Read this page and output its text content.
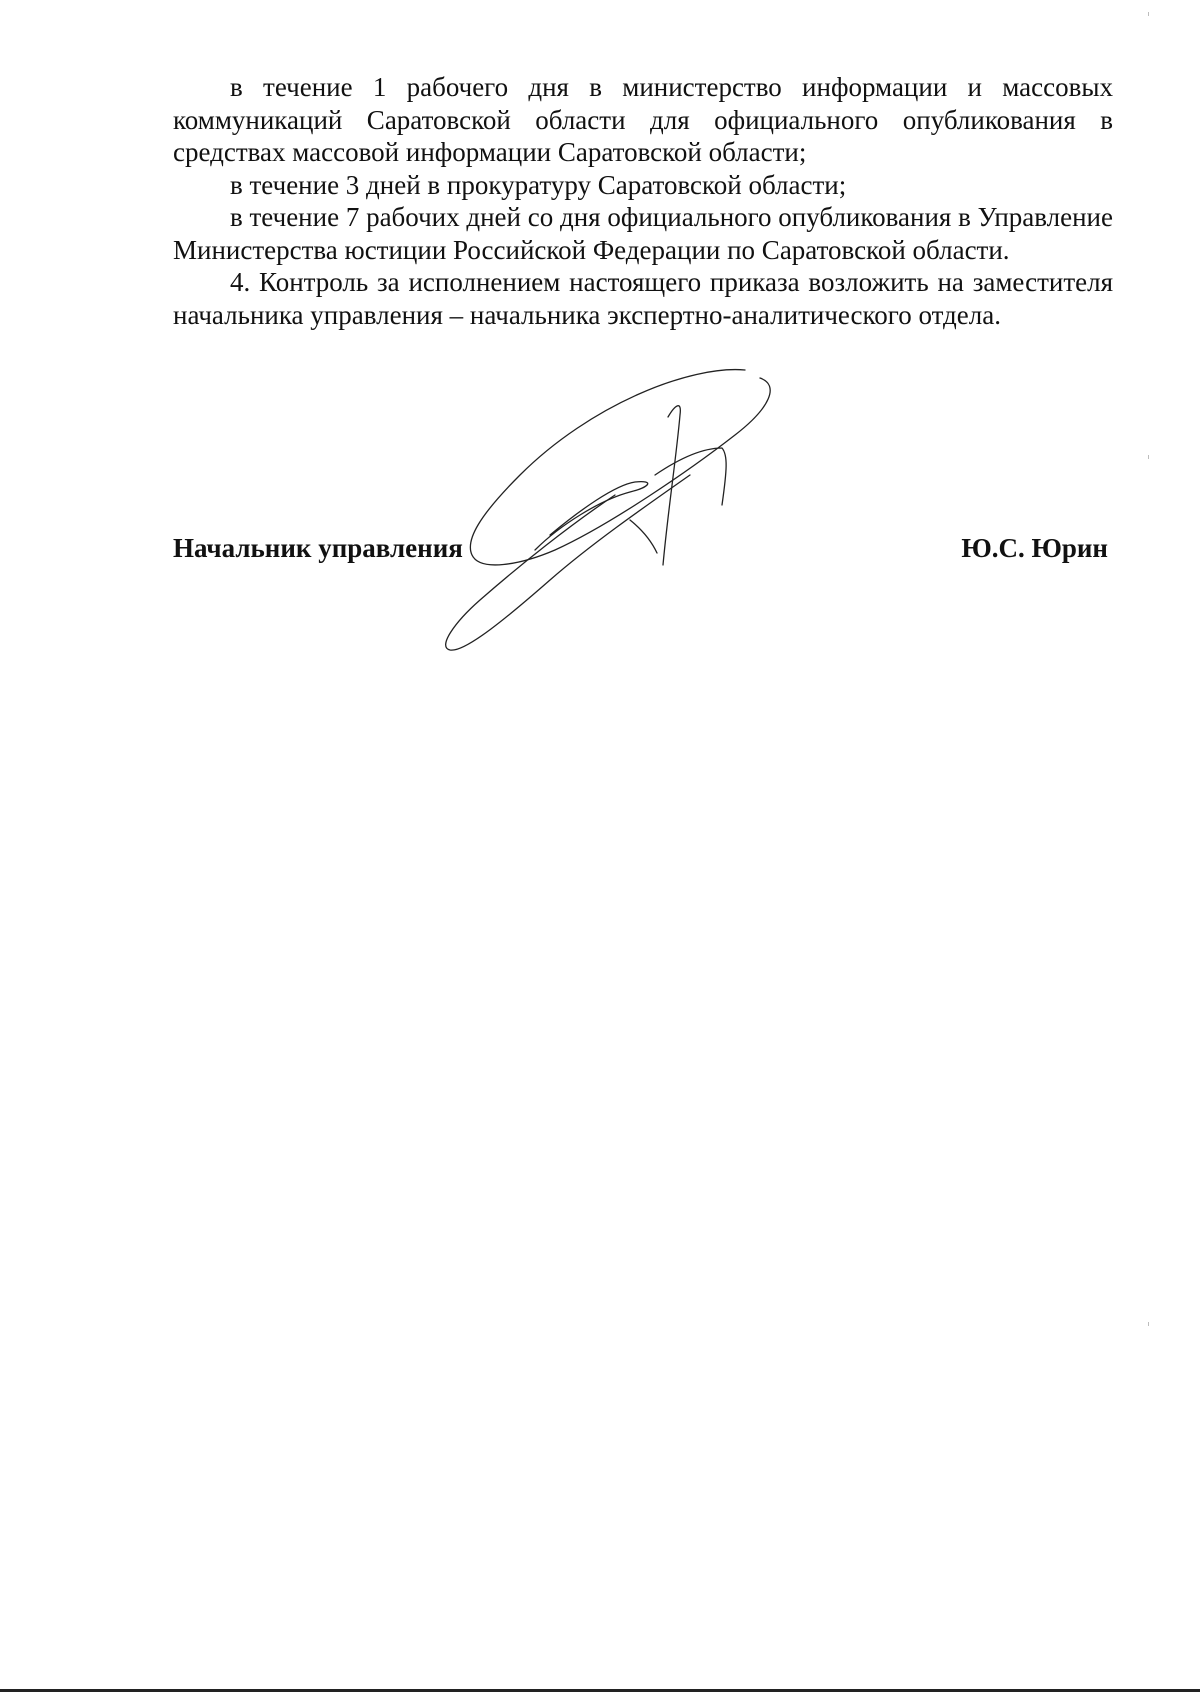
в течение 1 рабочего дня в министерство информации и массовых коммуникаций Саратовской области для официального опубликования в средствах массовой информации Саратовской области;

в течение 3 дней в прокуратуру Саратовской области;

в течение 7 рабочих дней со дня официального опубликования в Управление Министерства юстиции Российской Федерации по Саратовской области.

4. Контроль за исполнением настоящего приказа возложить на заместителя начальника управления – начальника экспертно-аналитического отдела.

Начальник управления	Ю.С. Юрин
